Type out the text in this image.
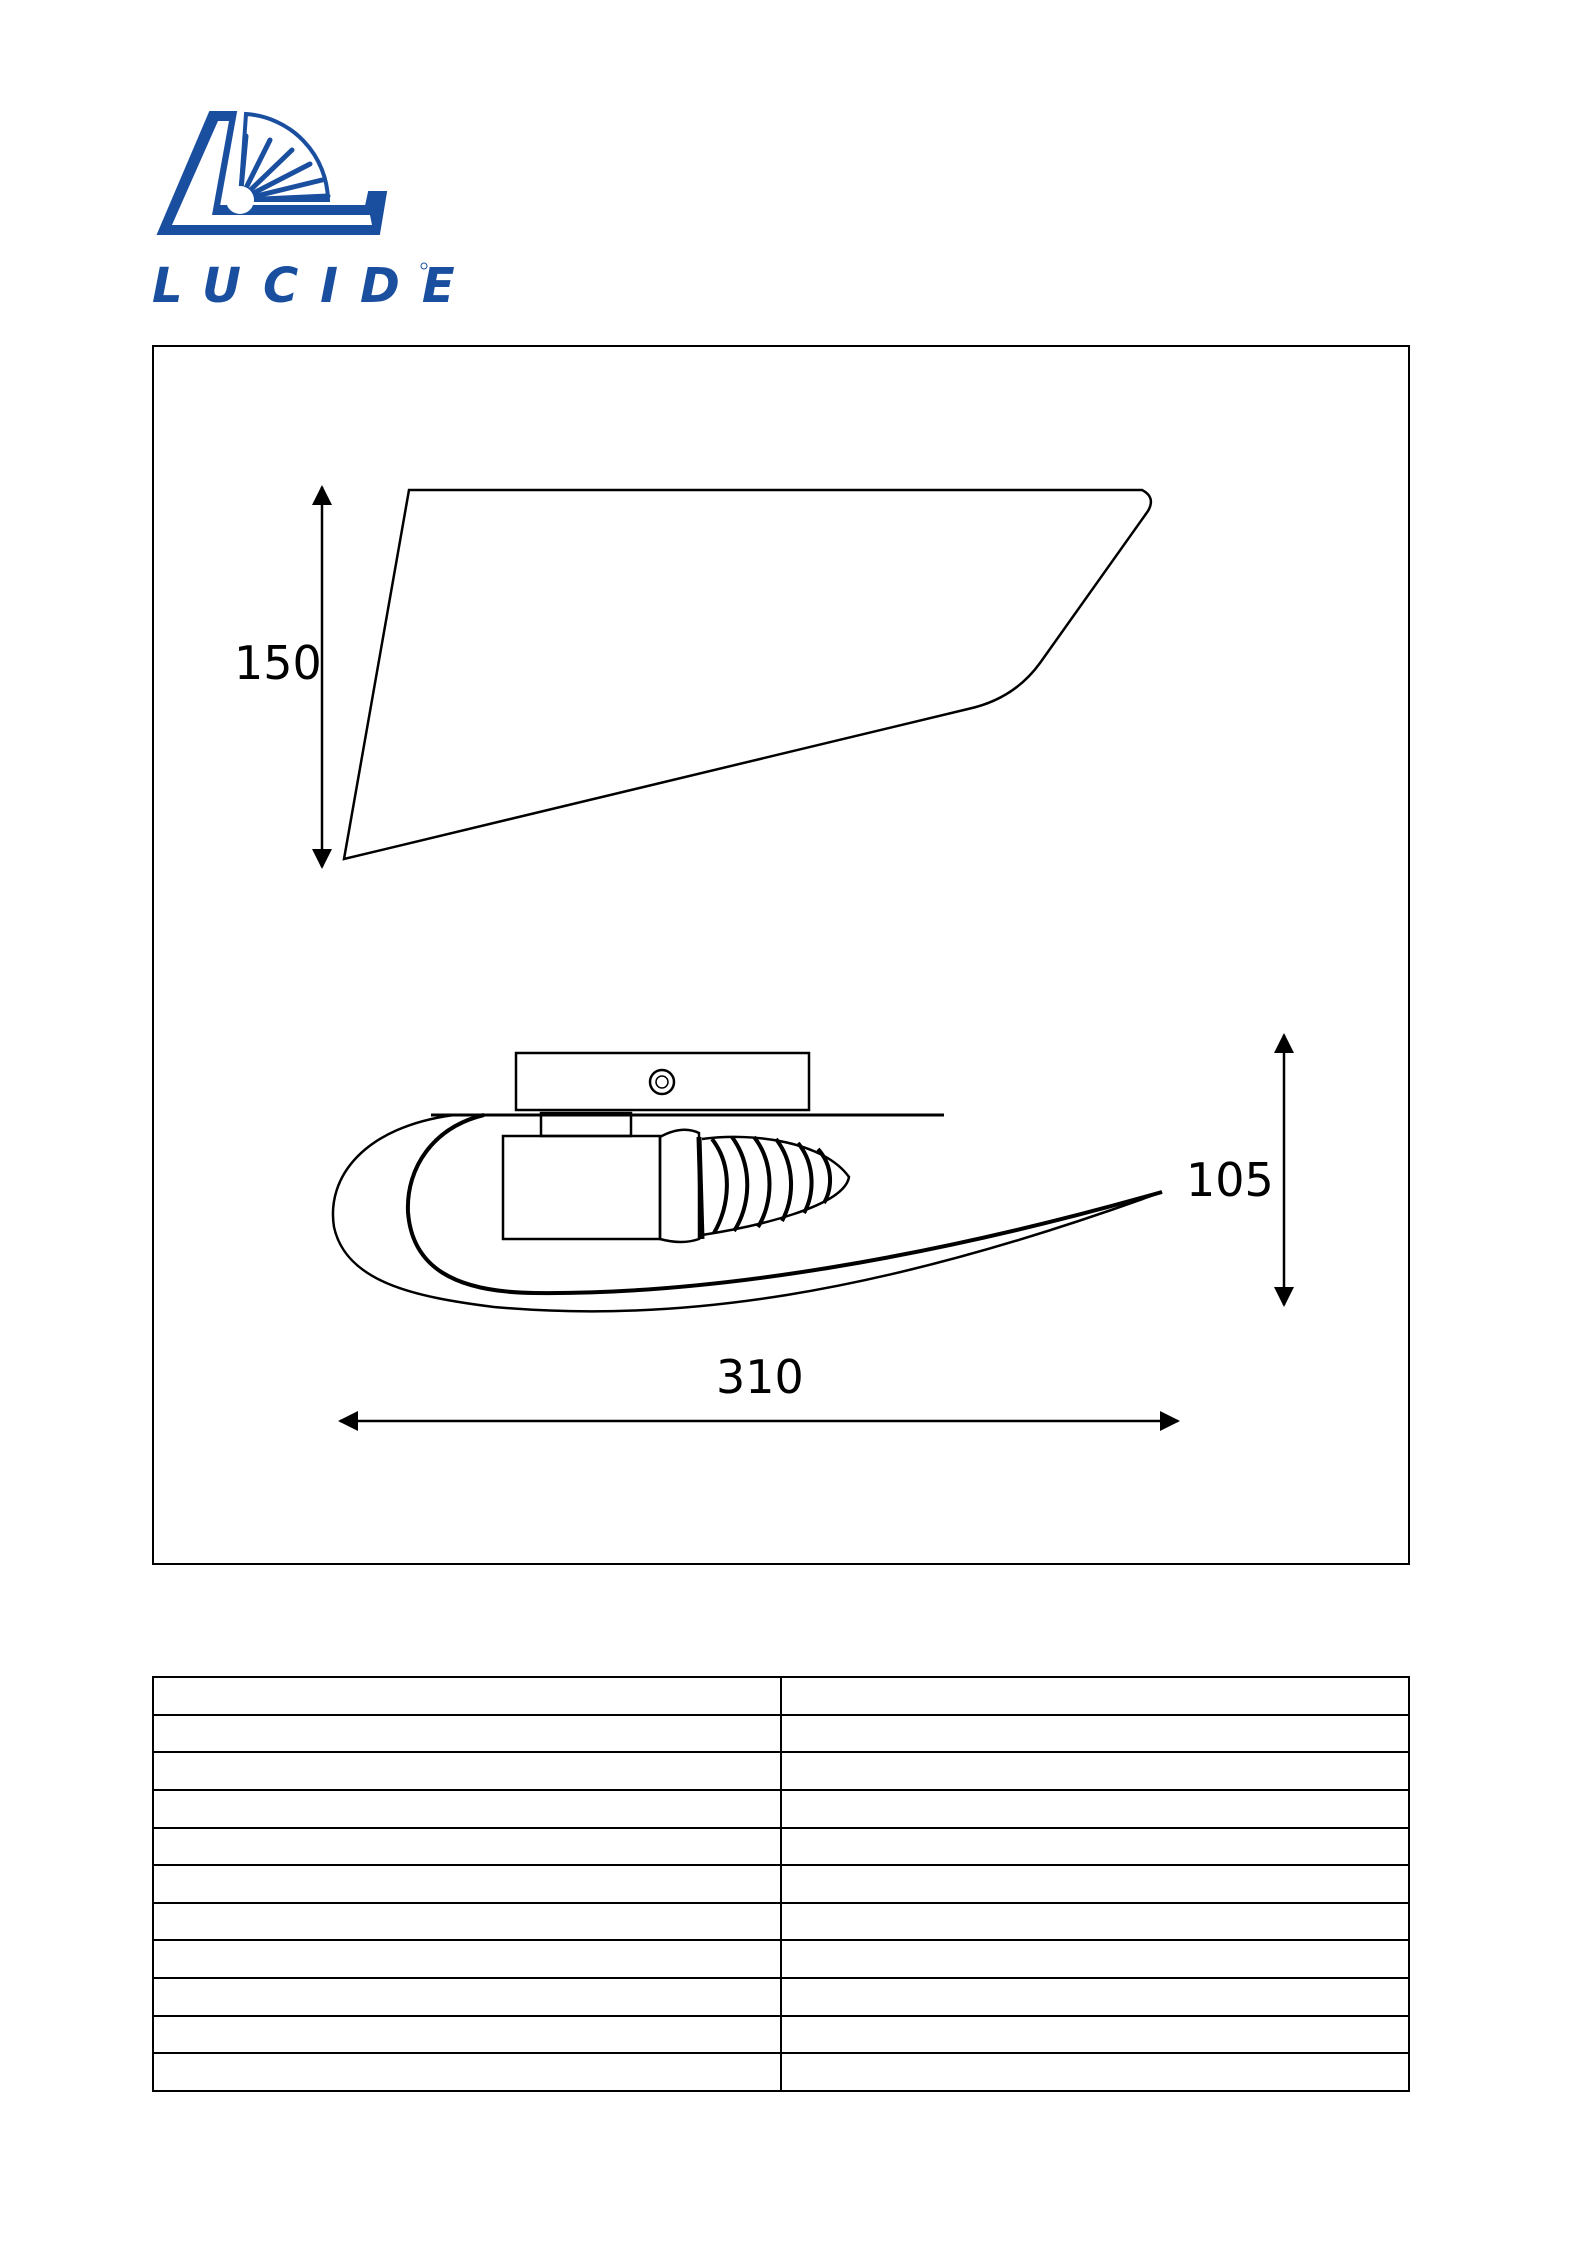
LUCIDE
150
105
310
